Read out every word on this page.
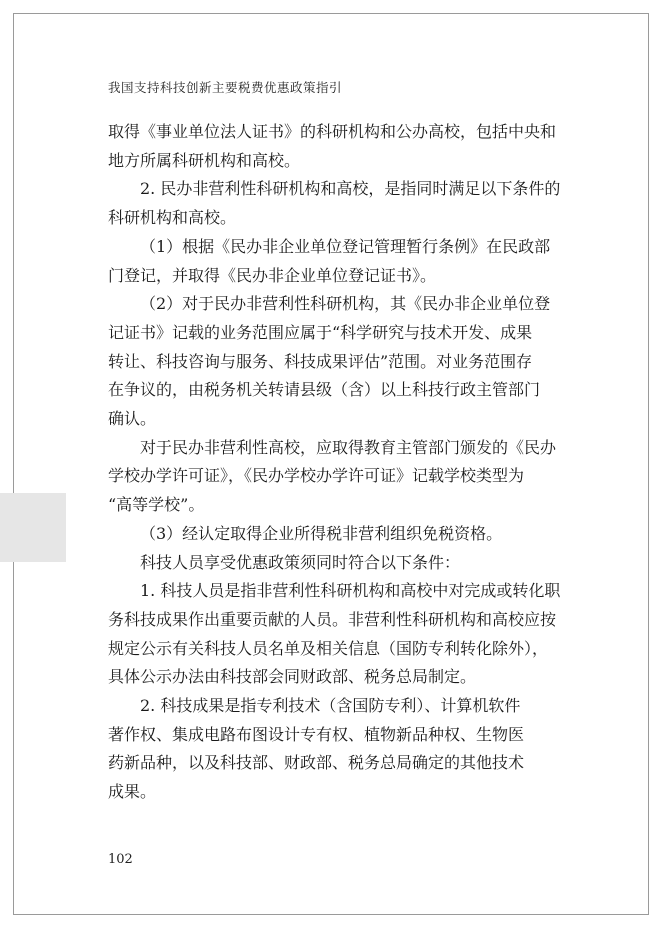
我国支持科技创新主要税费优惠政策指引

取得《事业单位法人证书》的科研机构和公办高校，包括中央和
地方所属科研机构和高校。

2. 民办非营利性科研机构和高校，是指同时满足以下条件的
科研机构和高校。

（1）根据《民办非企业单位登记管理暂行条例》在民政部
门登记，并取得《民办非企业单位登记证书》。

（2）对于民办非营利性科研机构，其《民办非企业单位登
记证书》记载的业务范围应属于“科学研究与技术开发、成果
转让、科技咨询与服务、科技成果评估”范围。对业务范围存
在争议的，由税务机关转请县级（含）以上科技行政主管部门
确认。

对于民办非营利性高校，应取得教育主管部门颁发的《民办
学校办学许可证》，《民办学校办学许可证》记载学校类型为
“高等学校”。

（3）经认定取得企业所得税非营利组织免税资格。

科技人员享受优惠政策须同时符合以下条件：

1. 科技人员是指非营利性科研机构和高校中对完成或转化职
务科技成果作出重要贡献的人员。非营利性科研机构和高校应按
规定公示有关科技人员名单及相关信息（国防专利转化除外），
具体公示办法由科技部会同财政部、税务总局制定。

2. 科技成果是指专利技术（含国防专利）、计算机软件
著作权、集成电路布图设计专有权、植物新品种权、生物医
药新品种，以及科技部、财政部、税务总局确定的其他技术
成果。

102
